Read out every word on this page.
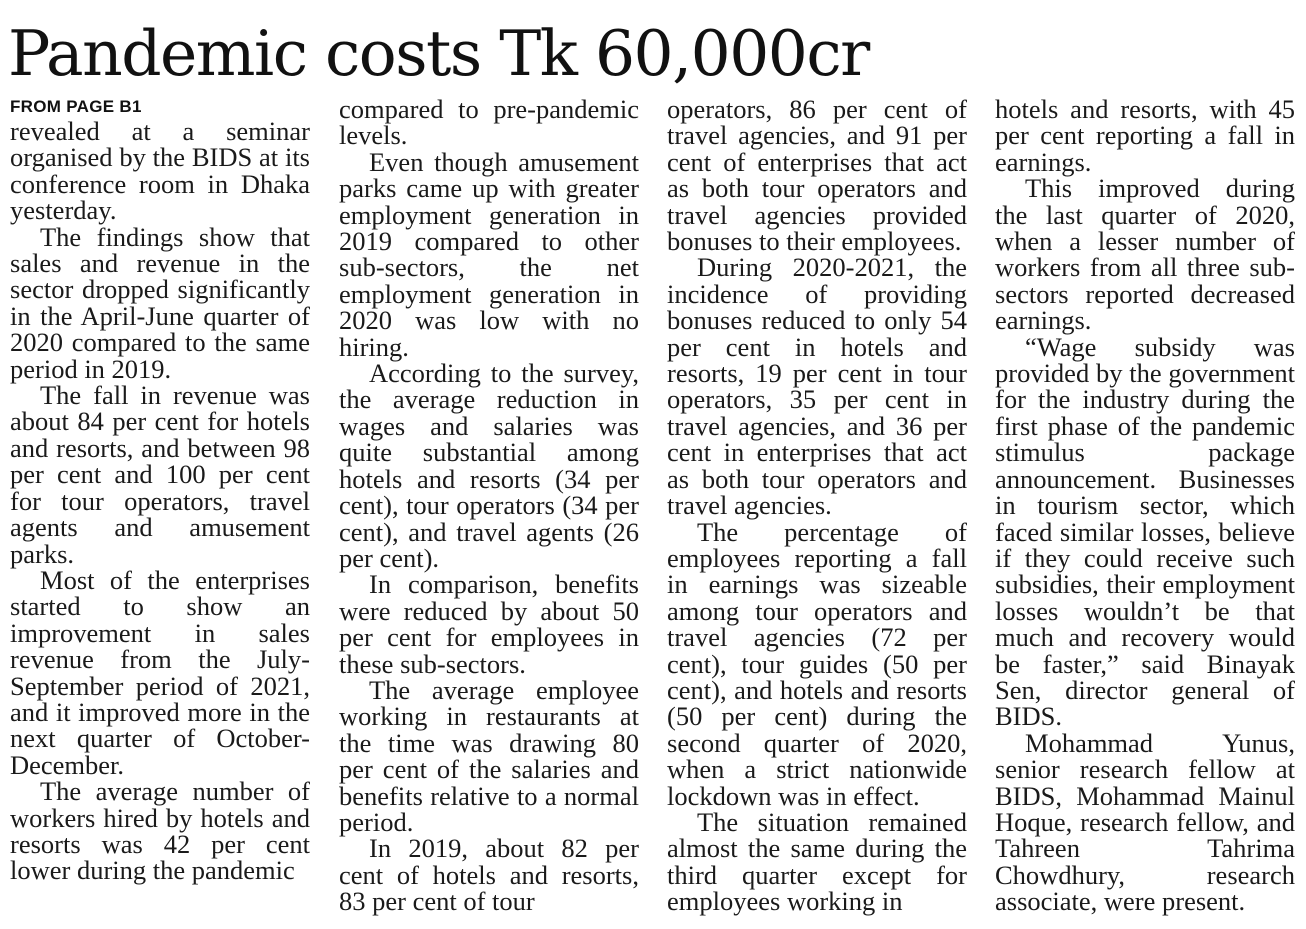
Pandemic costs Tk 60,000cr
FROM PAGE B1

revealed at a seminar organised by the BIDS at its conference room in Dhaka yesterday.

The findings show that sales and revenue in the sector dropped significantly in the April-June quarter of 2020 compared to the same period in 2019.

The fall in revenue was about 84 per cent for hotels and resorts, and between 98 per cent and 100 per cent for tour operators, travel agents and amusement parks.

Most of the enterprises started to show an improvement in sales revenue from the July-September period of 2021, and it improved more in the next quarter of October-December.

The average number of workers hired by hotels and resorts was 42 per cent lower during the pandemic

compared to pre-pandemic levels.

Even though amusement parks came up with greater employment generation in 2019 compared to other sub-sectors, the net employment generation in 2020 was low with no hiring.

According to the survey, the average reduction in wages and salaries was quite substantial among hotels and resorts (34 per cent), tour operators (34 per cent), and travel agents (26 per cent).

In comparison, benefits were reduced by about 50 per cent for employees in these sub-sectors.

The average employee working in restaurants at the time was drawing 80 per cent of the salaries and benefits relative to a normal period.

In 2019, about 82 per cent of hotels and resorts, 83 per cent of tour

operators, 86 per cent of travel agencies, and 91 per cent of enterprises that act as both tour operators and travel agencies provided bonuses to their employees.

During 2020-2021, the incidence of providing bonuses reduced to only 54 per cent in hotels and resorts, 19 per cent in tour operators, 35 per cent in travel agencies, and 36 per cent in enterprises that act as both tour operators and travel agencies.

The percentage of employees reporting a fall in earnings was sizeable among tour operators and travel agencies (72 per cent), tour guides (50 per cent), and hotels and resorts (50 per cent) during the second quarter of 2020, when a strict nationwide lockdown was in effect.

The situation remained almost the same during the third quarter except for employees working in

hotels and resorts, with 45 per cent reporting a fall in earnings.

This improved during the last quarter of 2020, when a lesser number of workers from all three sub-sectors reported decreased earnings.

“Wage subsidy was provided by the government for the industry during the first phase of the pandemic stimulus package announcement. Businesses in tourism sector, which faced similar losses, believe if they could receive such subsidies, their employment losses wouldn’t be that much and recovery would be faster,” said Binayak Sen, director general of BIDS.

Mohammad Yunus, senior research fellow at BIDS, Mohammad Mainul Hoque, research fellow, and Tahreen Tahrima Chowdhury, research associate, were present.
